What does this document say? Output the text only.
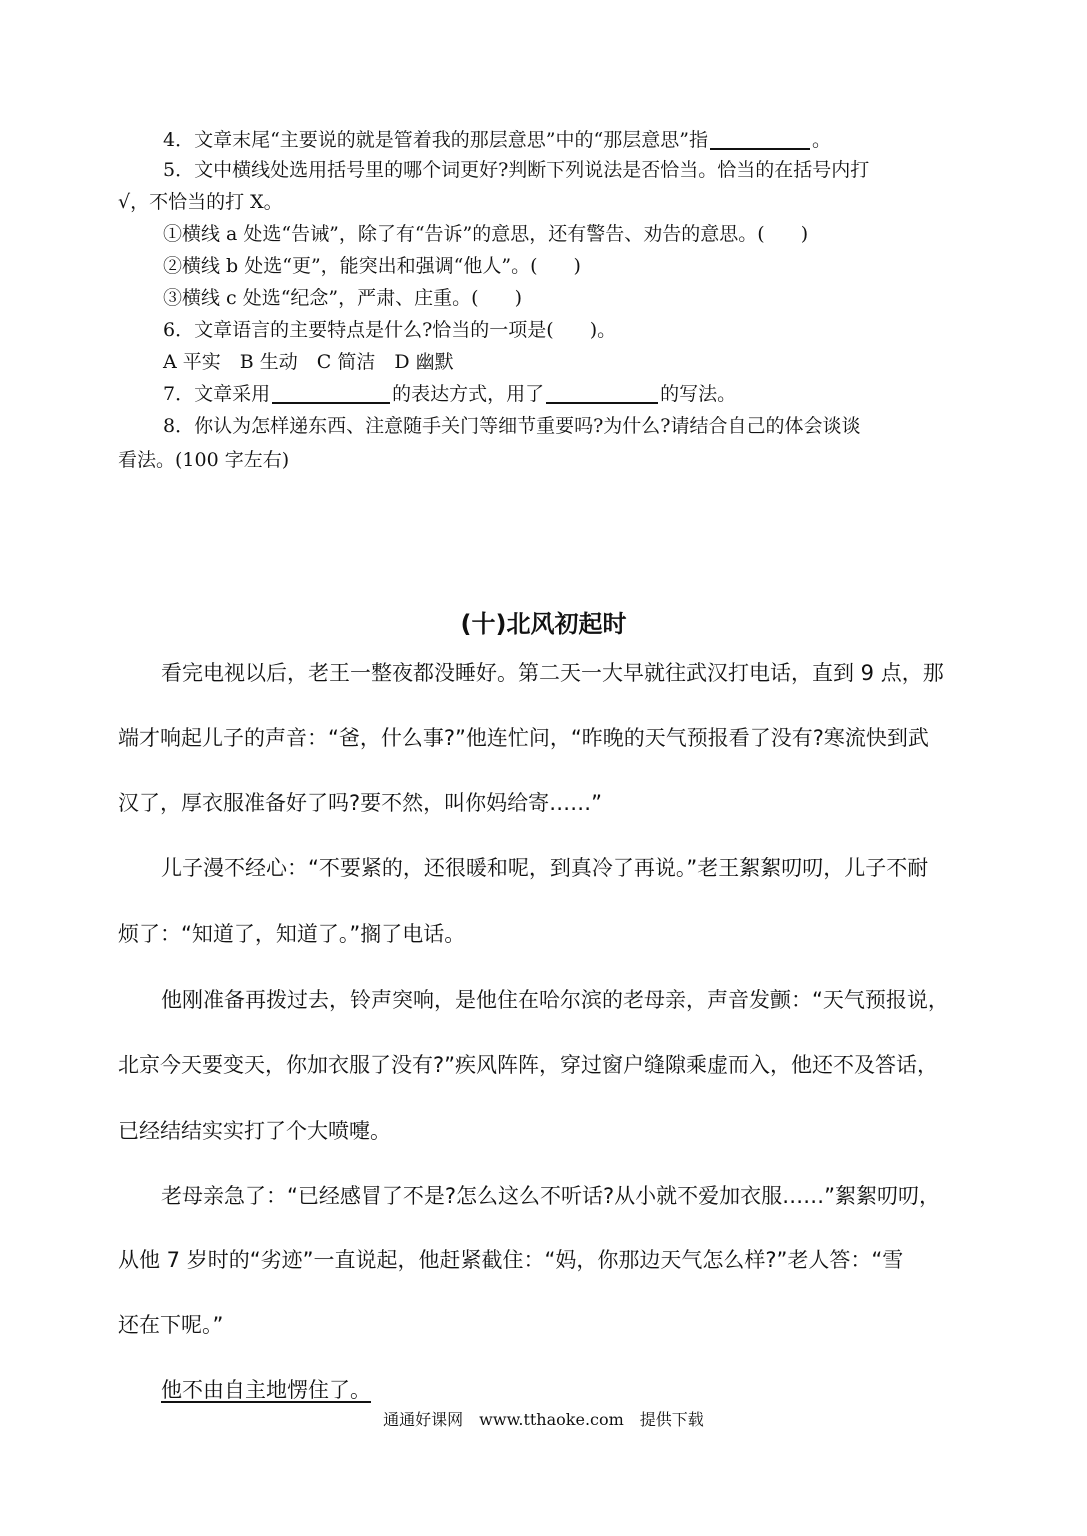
4．文章末尾“主要说的就是管着我的那层意思”中的“那层意思”指	。
5．文中横线处选用括号里的哪个词更好?判断下列说法是否恰当。恰当的在括号内打
√，不恰当的打 X。
①横线 a 处选“告诫”，除了有“告诉”的意思，还有警告、劝告的意思。( )
②横线 b 处选“更”，能突出和强调“他人”。( )
③横线 c 处选“纪念”，严肃、庄重。( )
6．文章语言的主要特点是什么?恰当的一项是( )。
A 平实　B 生动　C 简洁　D 幽默
7．文章采用	的表达方式，用了	的写法。
8．你认为怎样递东西、注意随手关门等细节重要吗?为什么?请结合自己的体会谈谈
看法。(100 字左右)
(十)北风初起时
看完电视以后，老王一整夜都没睡好。第二天一大早就往武汉打电话，直到 9 点，那
端才响起儿子的声音：“爸，什么事?”他连忙问，“昨晚的天气预报看了没有?寒流快到武
汉了，厚衣服准备好了吗?要不然，叫你妈给寄……”
儿子漫不经心：“不要紧的，还很暖和呢，到真冷了再说。”老王絮絮叨叨，儿子不耐
烦了：“知道了，知道了。”搁了电话。
他刚准备再拨过去，铃声突响，是他住在哈尔滨的老母亲，声音发颤：“天气预报说，
北京今天要变天，你加衣服了没有?”疾风阵阵，穿过窗户缝隙乘虚而入，他还不及答话，
已经结结实实打了个大喷嚏。
老母亲急了：“已经感冒了不是?怎么这么不听话?从小就不爱加衣服……”絮絮叨叨，
从他 7 岁时的“劣迹”一直说起，他赶紧截住：“妈，你那边天气怎么样?”老人答：“雪
还在下呢。”
他不由自主地愣住了。
通通好课网　www.tthaoke.com　提供下载
